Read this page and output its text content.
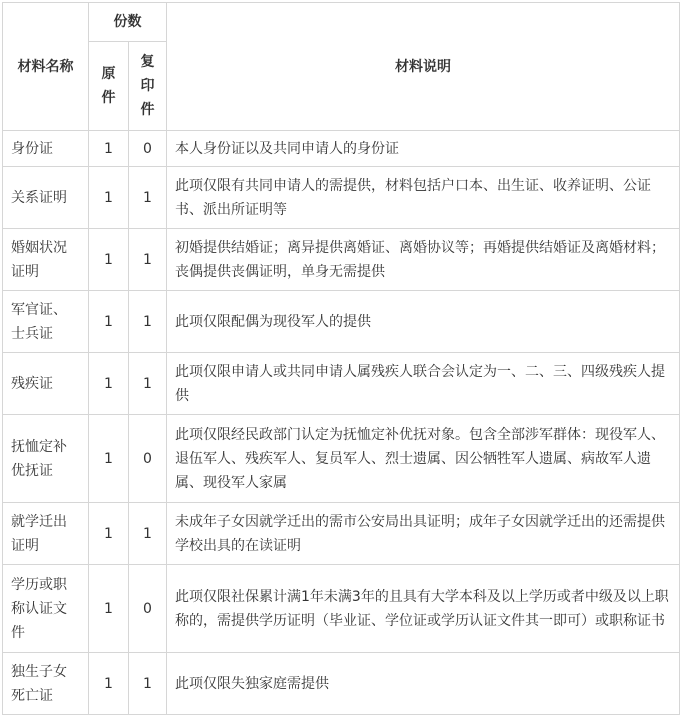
材料名称	份数		材料说明
	原件	复印件	
身份证	1	0	本人身份证以及共同申请人的身份证
关系证明	1	1	此项仅限有共同申请人的需提供，材料包括户口本、出生证、收养证明、公证书、派出所证明等
婚姻状况证明	1	1	初婚提供结婚证；离异提供离婚证、离婚协议等；再婚提供结婚证及离婚材料；丧偶提供丧偶证明，单身无需提供
军官证、士兵证	1	1	此项仅限配偶为现役军人的提供
残疾证	1	1	此项仅限申请人或共同申请人属残疾人联合会认定为一、二、三、四级残疾人提供
抚恤定补优抚证	1	0	此项仅限经民政部门认定为抚恤定补优抚对象。包含全部涉军群体：现役军人、退伍军人、残疾军人、复员军人、烈士遗属、因公牺牲军人遗属、病故军人遗属、现役军人家属
就学迁出证明	1	1	未成年子女因就学迁出的需市公安局出具证明；成年子女因就学迁出的还需提供学校出具的在读证明
学历或职称认证文件	1	0	此项仅限社保累计满1年未满3年的且具有大学本科及以上学历或者中级及以上职称的，需提供学历证明（毕业证、学位证或学历认证文件其一即可）或职称证书
独生子女死亡证	1	1	此项仅限失独家庭需提供
